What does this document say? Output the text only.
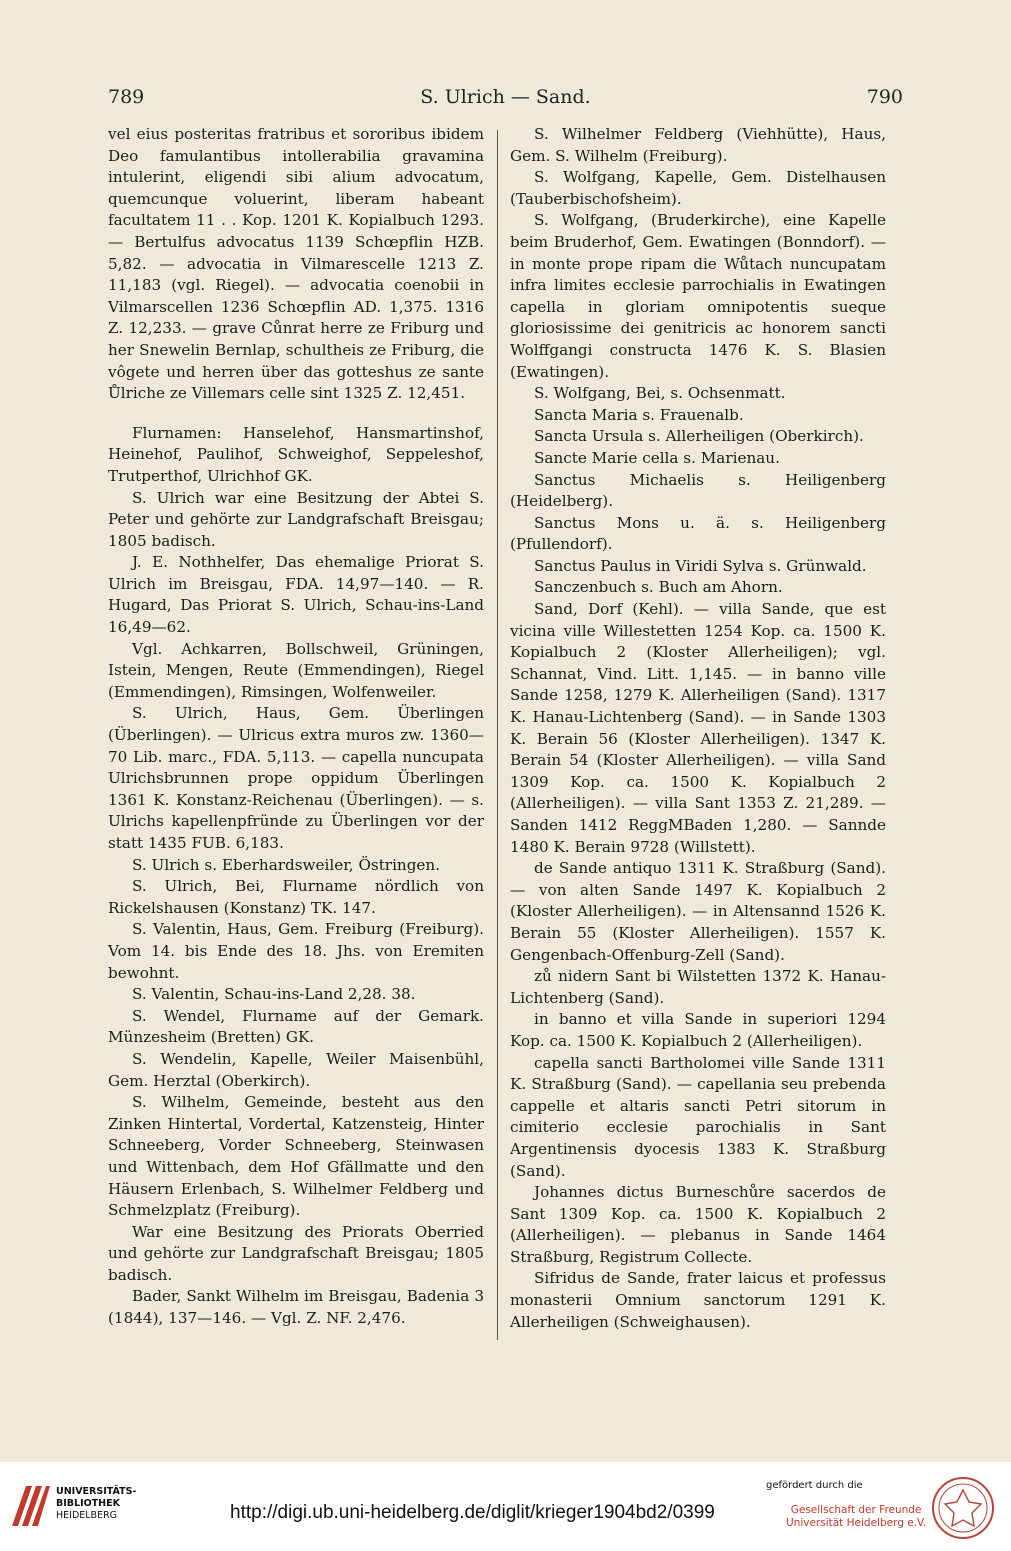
789	S. Ulrich — Sand.	790

vel eius posteritas fratribus et sororibus ibidem Deo famulantibus intollerabilia gravamina intulerint, eligendi sibi alium advocatum, quemcunque voluerint, liberam habeant facultatem 11 . . Kop. 1201 K. Kopialbuch 1293. — Bertulfus advocatus 1139 Schœpflin HZB. 5,82. — advocatia in Vilmarescelle 1213 Z. 11,183 (vgl. Riegel). — advocatia coenobii in Vilmarscellen 1236 Schœpflin AD. 1,375. 1316 Z. 12,233. — grave Cůnrat herre ze Friburg und her Snewelin Bernlap, schultheis ze Friburg, die vôgete und herren über das gotteshus ze sante Ůlriche ze Villemars celle sint 1325 Z. 12,451.

Flurnamen: Hanselehof, Hansmartinshof, Heinehof, Paulihof, Schweighof, Seppeleshof, Trutperthof, Ulrichhof GK.

S. Ulrich war eine Besitzung der Abtei S. Peter und gehörte zur Landgrafschaft Breisgau; 1805 badisch.

J. E. Nothhelfer, Das ehemalige Priorat S. Ulrich im Breisgau, FDA. 14,97—140. — R. Hugard, Das Priorat S. Ulrich, Schau-ins-Land 16,49—62.

Vgl. Achkarren, Bollschweil, Grüningen, Istein, Mengen, Reute (Emmendingen), Riegel (Emmendingen), Rimsingen, Wolfenweiler.

S. Ulrich, Haus, Gem. Überlingen (Überlingen). — Ulricus extra muros zw. 1360—70 Lib. marc., FDA. 5,113. — capella nuncupata Ulrichsbrunnen prope oppidum Überlingen 1361 K. Konstanz-Reichenau (Überlingen). — s. Ulrichs kapellenpfründe zu Überlingen vor der statt 1435 FUB. 6,183.

S. Ulrich s. Eberhardsweiler, Östringen.

S. Ulrich, Bei, Flurname nördlich von Rickelshausen (Konstanz) TK. 147.

S. Valentin, Haus, Gem. Freiburg (Freiburg). Vom 14. bis Ende des 18. Jhs. von Eremiten bewohnt.

S. Valentin, Schau-ins-Land 2,28. 38.

S. Wendel, Flurname auf der Gemark. Münzesheim (Bretten) GK.

S. Wendelin, Kapelle, Weiler Maisenbühl, Gem. Herztal (Oberkirch).

S. Wilhelm, Gemeinde, besteht aus den Zinken Hintertal, Vordertal, Katzensteig, Hinter Schneeberg, Vorder Schneeberg, Steinwasen und Wittenbach, dem Hof Gfällmatte und den Häusern Erlenbach, S. Wilhelmer Feldberg und Schmelzplatz (Freiburg).

War eine Besitzung des Priorats Oberried und gehörte zur Landgrafschaft Breisgau; 1805 badisch.

Bader, Sankt Wilhelm im Breisgau, Badenia 3 (1844), 137—146. — Vgl. Z. NF. 2,476.

S. Wilhelmer Feldberg (Viehhütte), Haus, Gem. S. Wilhelm (Freiburg).

S. Wolfgang, Kapelle, Gem. Distelhausen (Tauberbischofsheim).

S. Wolfgang, (Bruderkirche), eine Kapelle beim Bruderhof, Gem. Ewatingen (Bonndorf). — in monte prope ripam die Wůtach nuncupatam infra limites ecclesie parrochialis in Ewatingen capella in gloriam omnipotentis sueque gloriosissime dei genitricis ac honorem sancti Wolffgangi constructa 1476 K. S. Blasien (Ewatingen).

S. Wolfgang, Bei, s. Ochsenmatt.

Sancta Maria s. Frauenalb.

Sancta Ursula s. Allerheiligen (Oberkirch).

Sancte Marie cella s. Marienau.

Sanctus Michaelis s. Heiligenberg (Heidelberg).

Sanctus Mons u. ä. s. Heiligenberg (Pfullendorf).

Sanctus Paulus in Viridi Sylva s. Grünwald.

Sanczenbuch s. Buch am Ahorn.

Sand, Dorf (Kehl). — villa Sande, que est vicina ville Willestetten 1254 Kop. ca. 1500 K. Kopialbuch 2 (Kloster Allerheiligen); vgl. Schannat, Vind. Litt. 1,145. — in banno ville Sande 1258, 1279 K. Allerheiligen (Sand). 1317 K. Hanau-Lichtenberg (Sand). — in Sande 1303 K. Berain 56 (Kloster Allerheiligen). 1347 K. Berain 54 (Kloster Allerheiligen). — villa Sand 1309 Kop. ca. 1500 K. Kopialbuch 2 (Allerheiligen). — villa Sant 1353 Z. 21,289. — Sanden 1412 ReggMBaden 1,280. — Sannde 1480 K. Berain 9728 (Willstett).

de Sande antiquo 1311 K. Straßburg (Sand). — von alten Sande 1497 K. Kopialbuch 2 (Kloster Allerheiligen). — in Altensannd 1526 K. Berain 55 (Kloster Allerheiligen). 1557 K. Gengenbach-Offenburg-Zell (Sand).

zů nidern Sant bi Wilstetten 1372 K. Hanau-Lichtenberg (Sand).

in banno et villa Sande in superiori 1294 Kop. ca. 1500 K. Kopialbuch 2 (Allerheiligen).

capella sancti Bartholomei ville Sande 1311 K. Straßburg (Sand). — capellania seu prebenda cappelle et altaris sancti Petri sitorum in cimiterio ecclesie parochialis in Sant Argentinensis dyocesis 1383 K. Straßburg (Sand).

Johannes dictus Burneschůre sacerdos de Sant 1309 Kop. ca. 1500 K. Kopialbuch 2 (Allerheiligen). — plebanus in Sande 1464 Straßburg, Registrum Collecte.

Sifridus de Sande, frater laicus et professus monasterii Omnium sanctorum 1291 K. Allerheiligen (Schweighausen).

UNIVERSITÄTS-
BIBLIOTHEK
HEIDELBERG	http://digi.ub.uni-heidelberg.de/diglit/krieger1904bd2/0399
gefördert durch die
Gesellschaft der Freunde
Universität Heidelberg e.V.
